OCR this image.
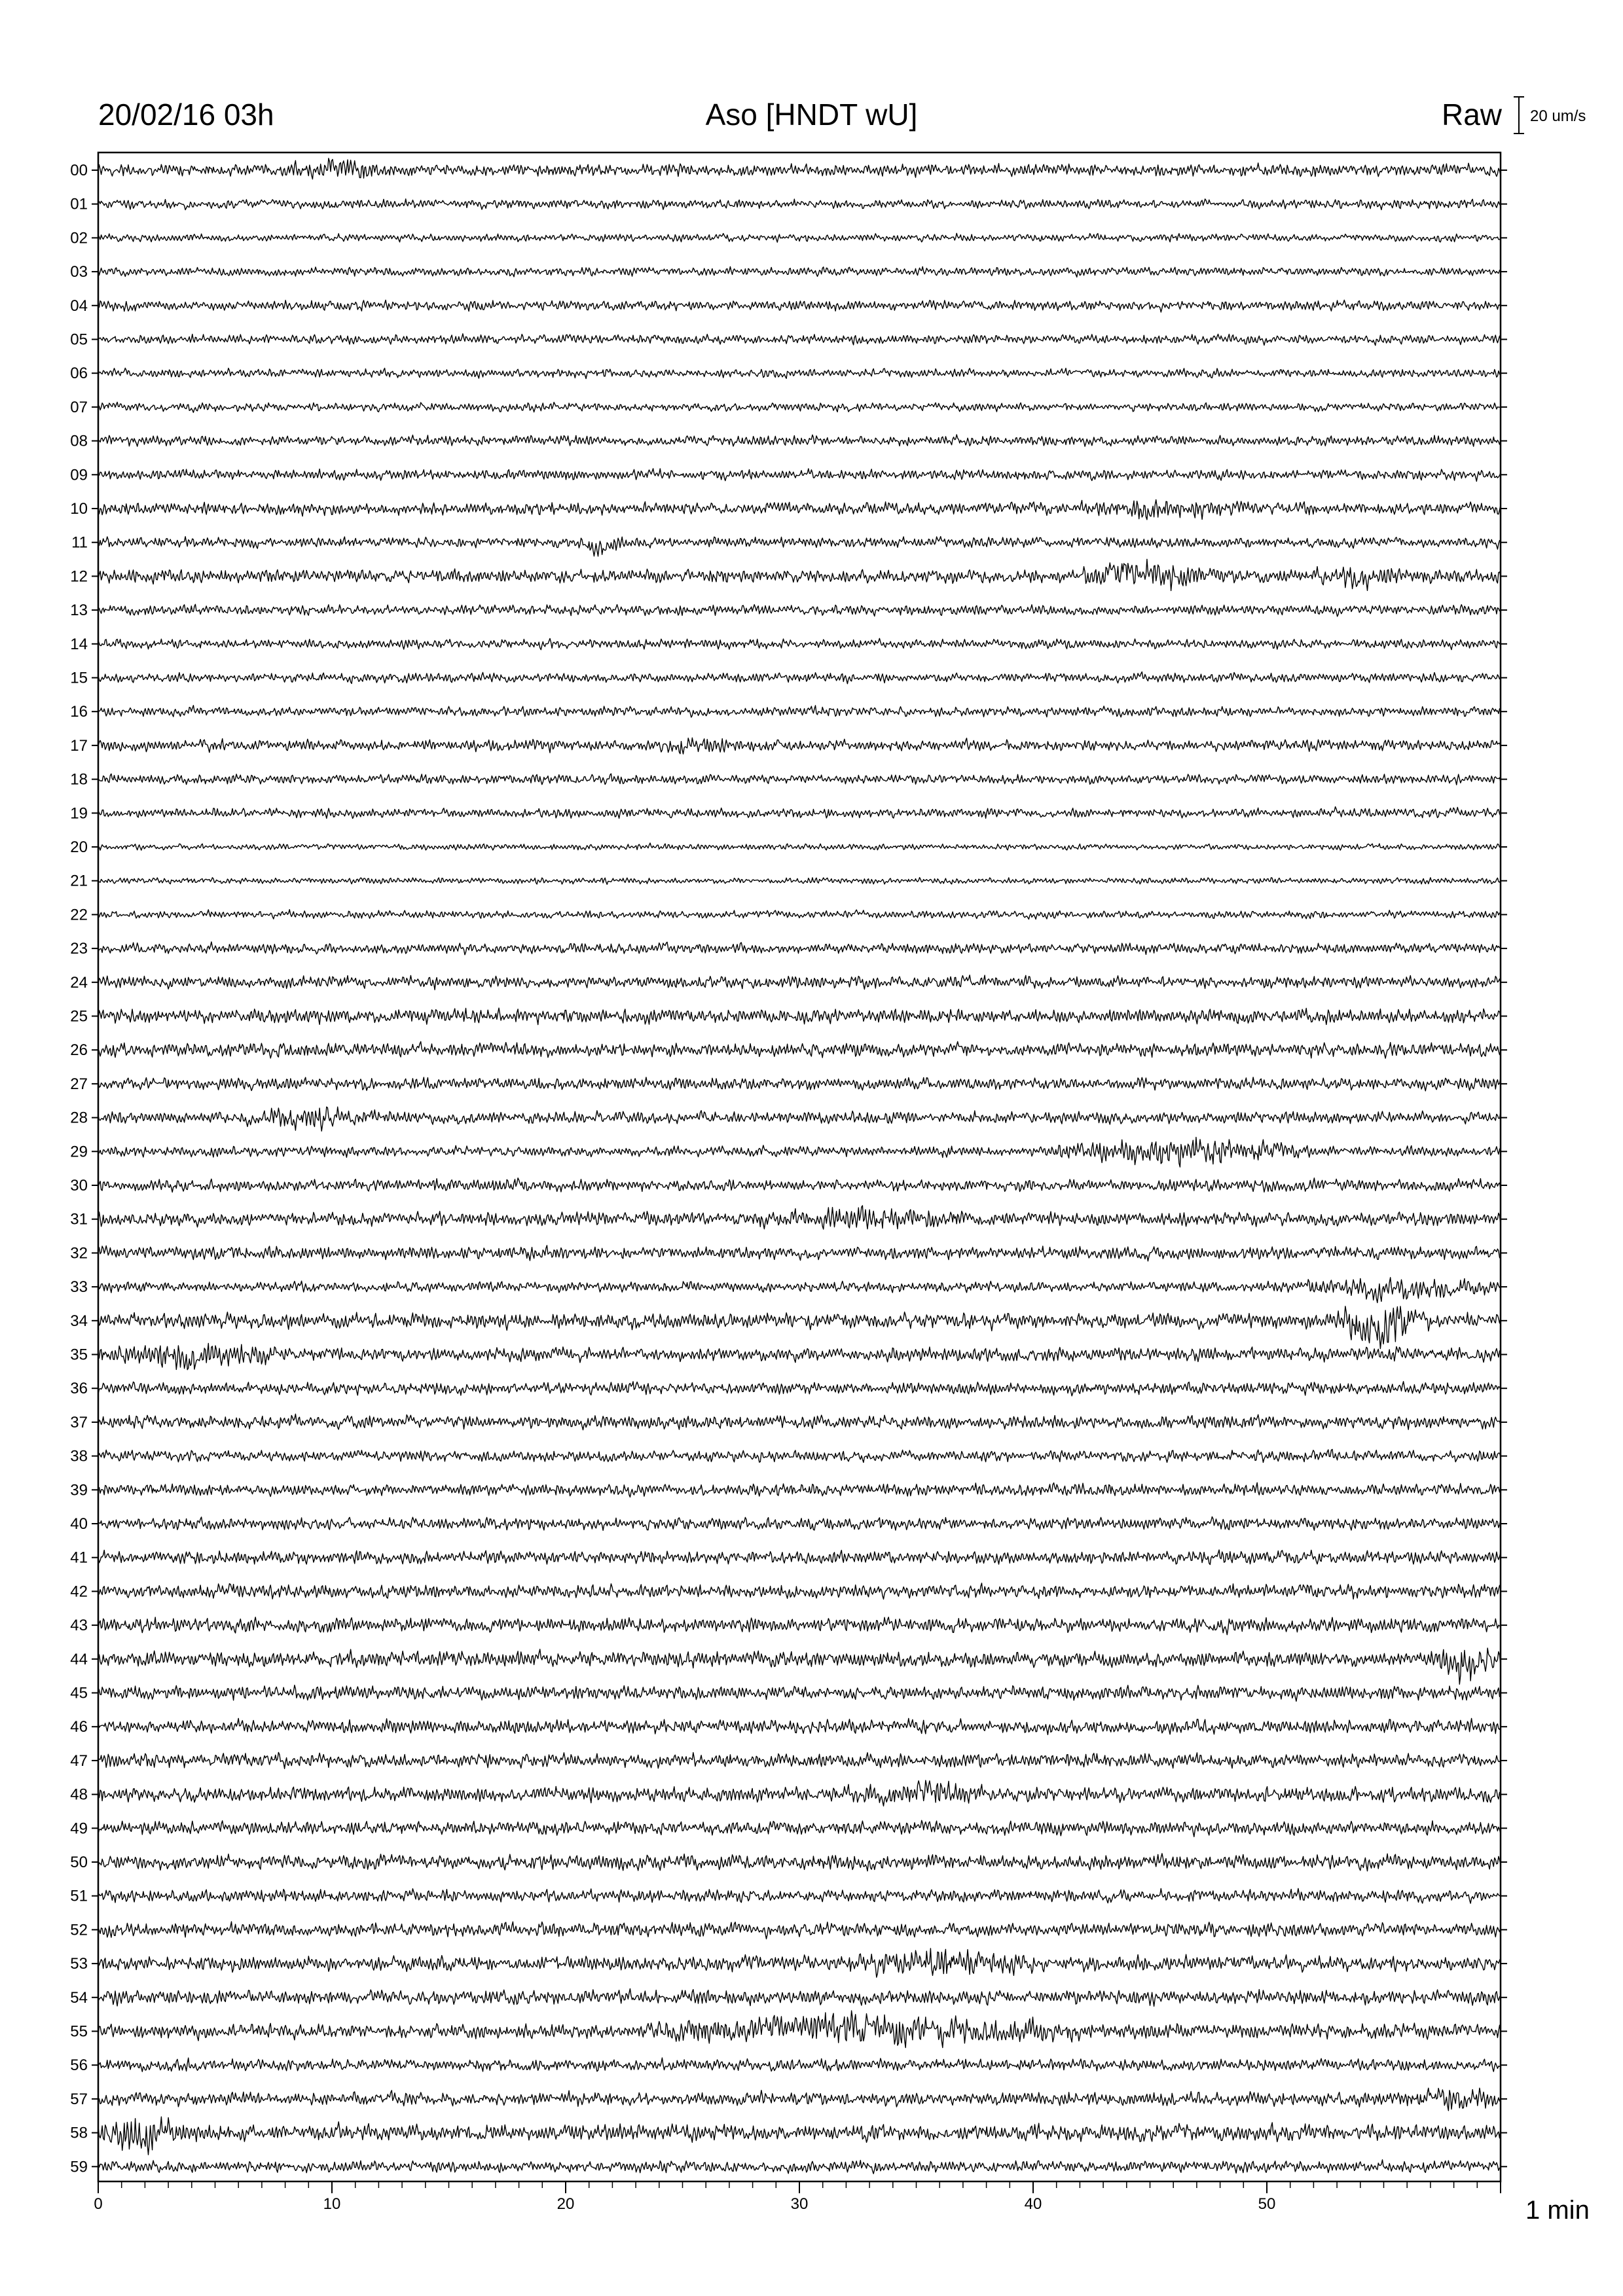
20/02/16 03h	Aso [HNDT wU]	Raw 20 um/s
1 min
00
01
02
03
04
05
06
07
08
09
10
11
12
13
14
15
16
17
18
19
20
21
22
23
24
25
26
27
28
29
30
31
32
33
34
35
36
37
38
39
40
41
42
43
44
45
46
47
48
49
50
51
52
53
54
55
56
57
58
59
0	10	20	30	40	50
